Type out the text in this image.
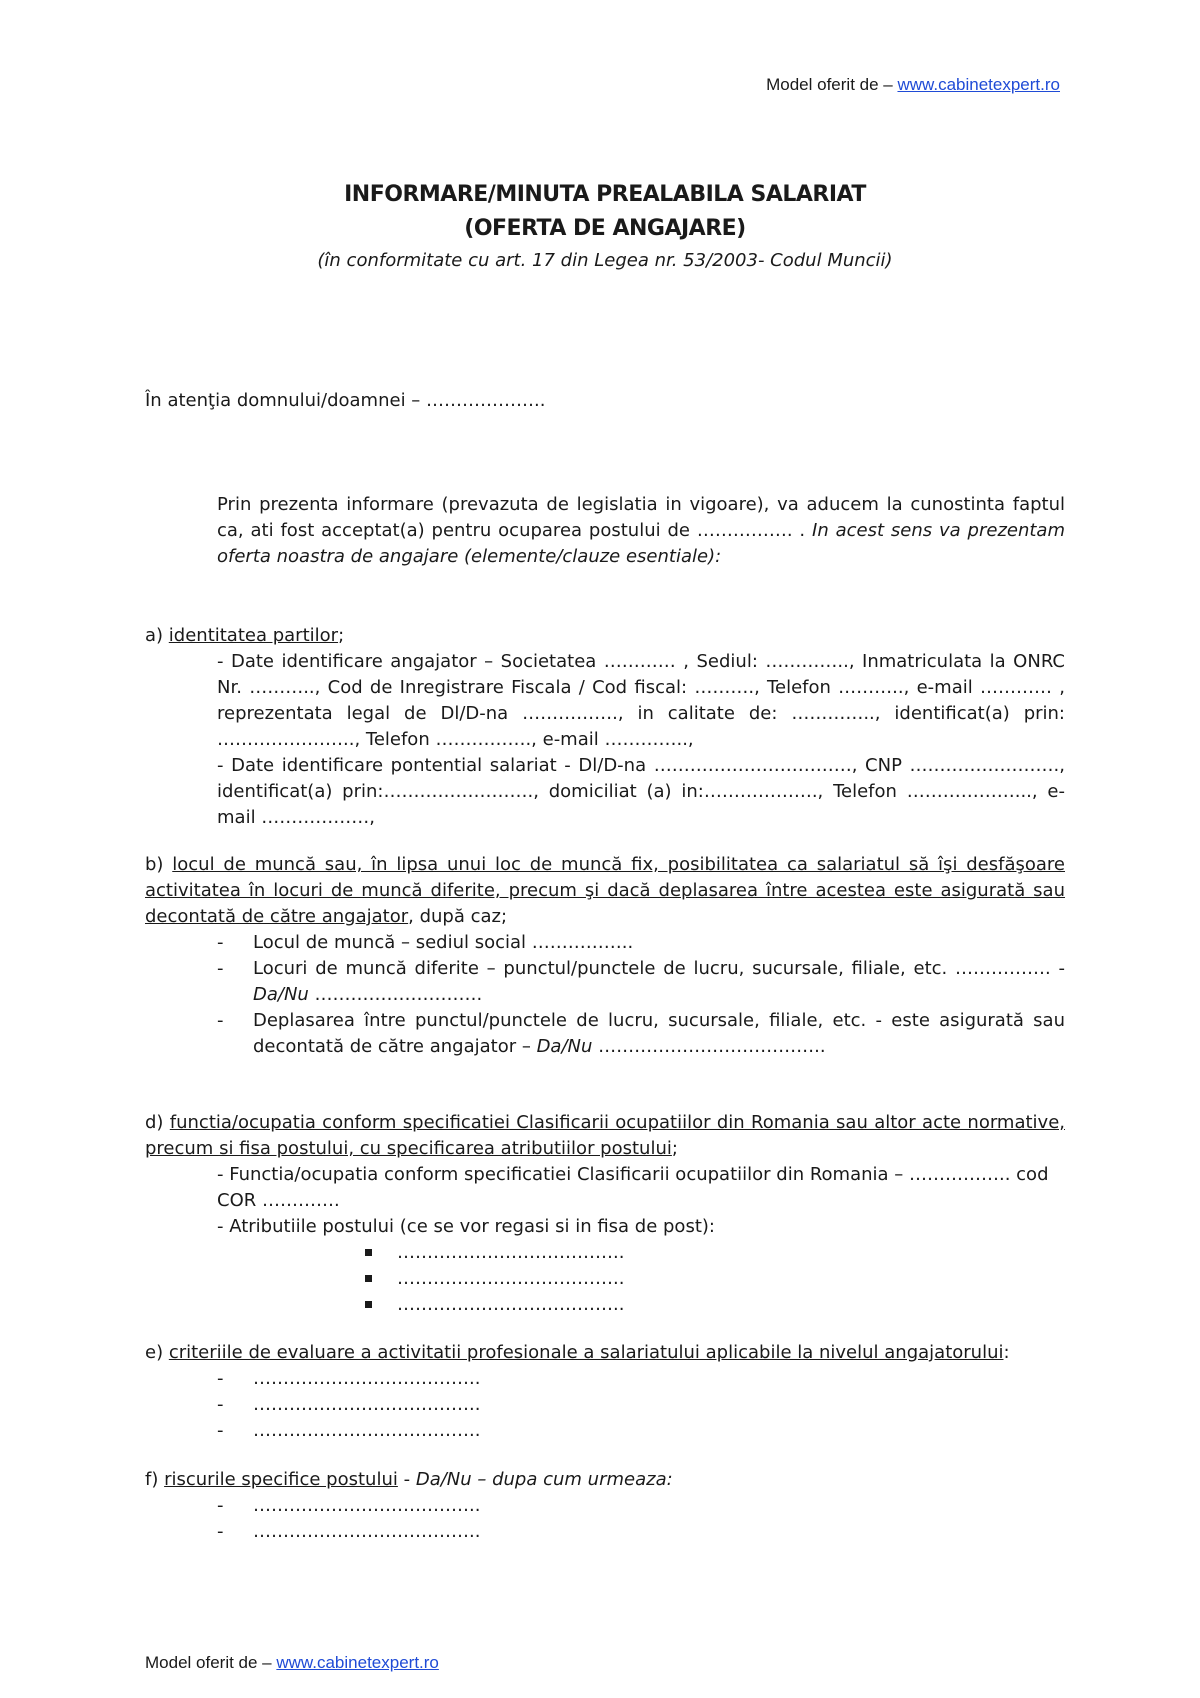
Model oferit de – www.cabinetexpert.ro
INFORMARE/MINUTA PREALABILA SALARIAT
(OFERTA DE ANGAJARE)
(în conformitate cu art. 17 din Legea nr. 53/2003- Codul Muncii)
În atenţia domnului/doamnei – ………………..

Prin prezenta informare (prevazuta de legislatia in vigoare), va aducem la cunostinta faptul ca, ati fost acceptat(a) pentru ocuparea postului de ……………. . In acest sens va prezentam oferta noastra de angajare (elemente/clauze esentiale):

a) identitatea partilor;

- Date identificare angajator – Societatea ………… , Sediul: ………….., Inmatriculata la ONRC Nr. ……….., Cod de Inregistrare Fiscala / Cod fiscal: ………., Telefon ……….., e-mail ………… , reprezentata legal de Dl/D-na ……………., in calitate de: ………….., identificat(a) prin: ………………….., Telefon ……………., e-mail …………..,

- Date identificare pontential salariat - Dl/D-na ……………………………, CNP ……………………., identificat(a) prin:……………………., domiciliat (a) in:………………., Telefon ………………..., e-mail ………………,

b) locul de muncă sau, în lipsa unui loc de muncă fix, posibilitatea ca salariatul să îşi desfăşoare activitatea în locuri de muncă diferite, precum şi dacă deplasarea între acestea este asigurată sau decontată de către angajator, după caz;

- Locul de muncă – sediul social ……………..

- Locuri de muncă diferite – punctul/punctele de lucru, sucursale, filiale, etc. ……………. - Da/Nu ……………………….

- Deplasarea între punctul/punctele de lucru, sucursale, filiale, etc. - este asigurată sau decontată de către angajator – Da/Nu ………………………………..

d) functia/ocupatia conform specificatiei Clasificarii ocupatiilor din Romania sau altor acte normative, precum si fisa postului, cu specificarea atributiilor postului;

- Functia/ocupatia conform specificatiei Clasificarii ocupatiilor din Romania – …………….. cod COR ………….

- Atributiile postului (ce se vor regasi si in fisa de post):

………………………………..

………………………………..

………………………………..

e) criteriile de evaluare a activitatii profesionale a salariatului aplicabile la nivelul angajatorului:

- ………………………………..

- ………………………………..

- ………………………………..

f) riscurile specifice postului - Da/Nu – dupa cum urmeaza:

- ………………………………..

- ………………………………..

Model oferit de – www.cabinetexpert.ro
